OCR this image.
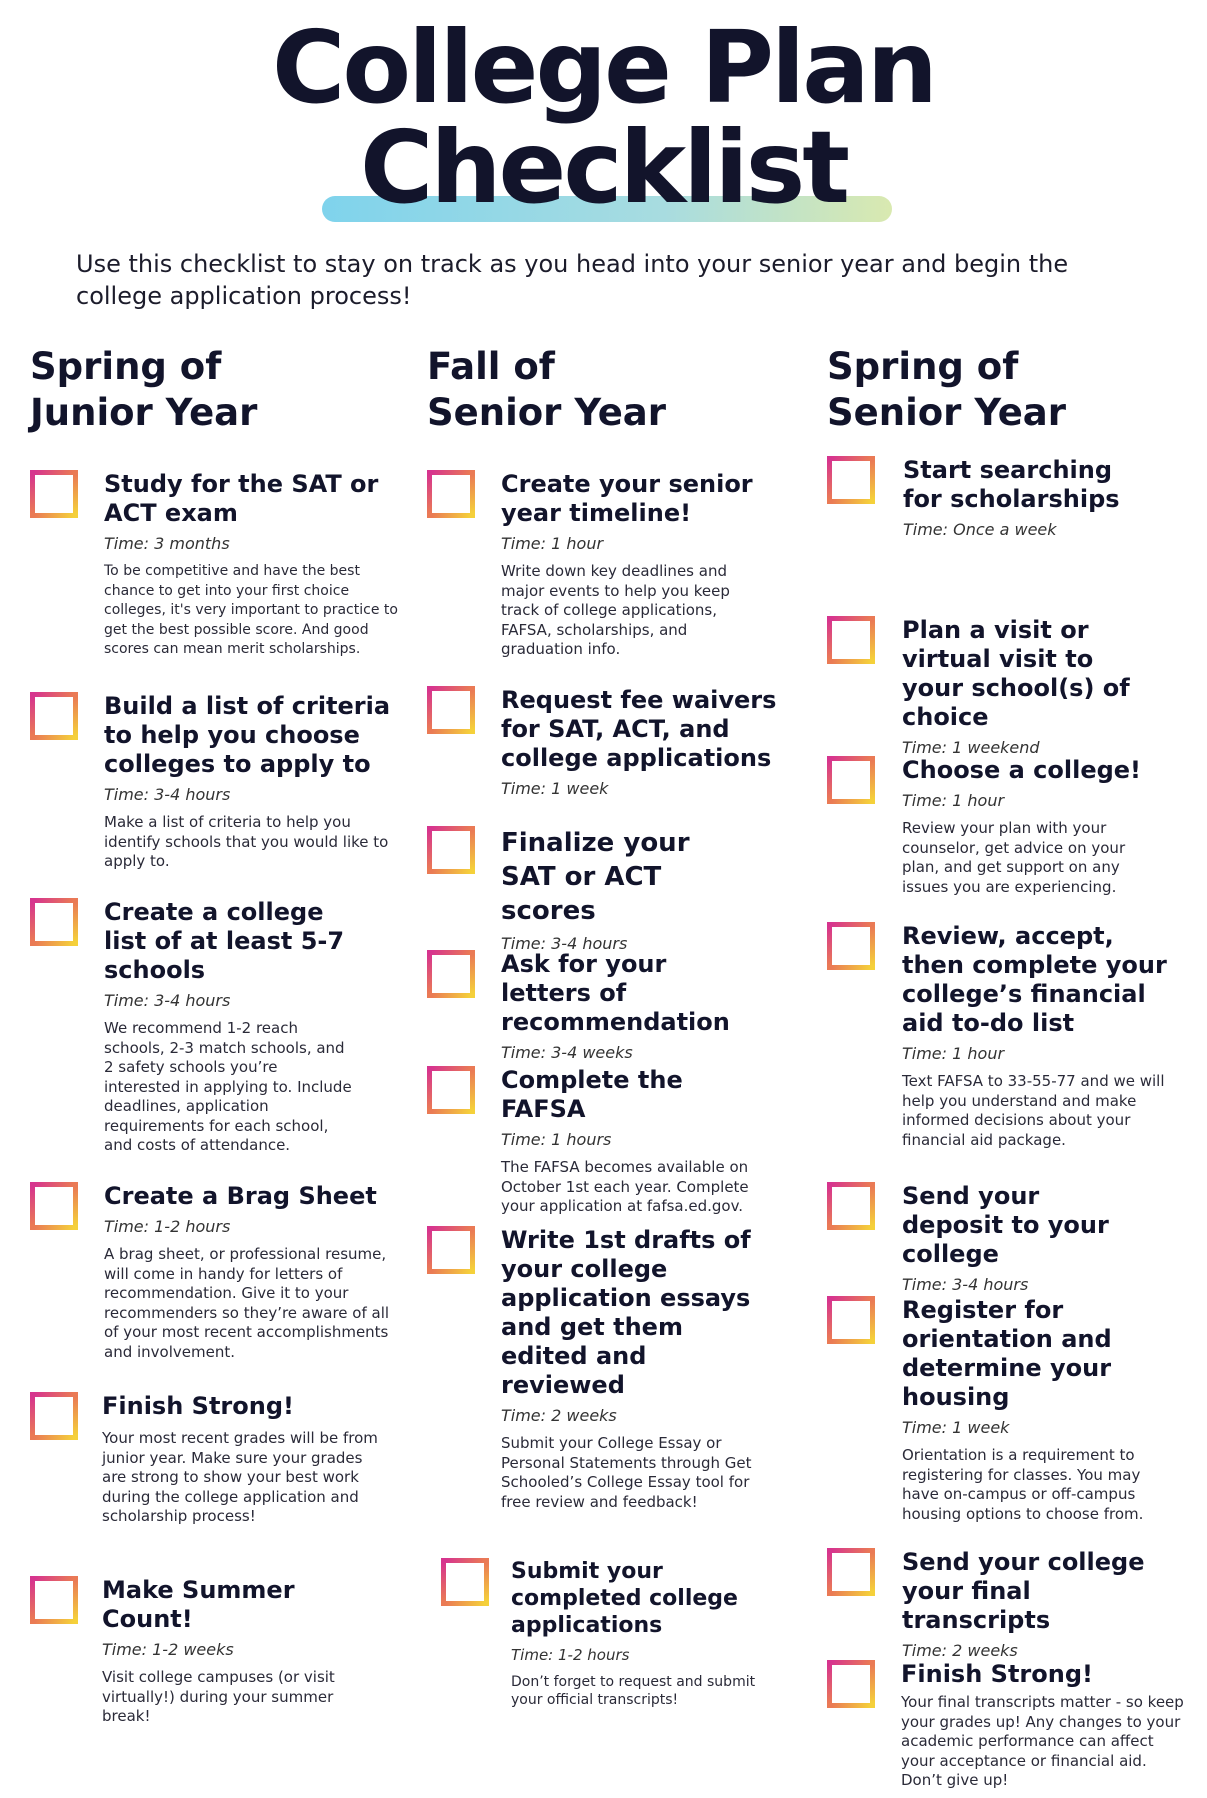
College Plan
Checklist
Use this checklist to stay on track as you head into your senior year and begin the college application process!
Spring of
Junior Year
Fall of
Senior Year
Spring of
Senior Year
Study for the SAT or ACT exam
Time: 3 months
To be competitive and have the best chance to get into your first choice colleges, it's very important to practice to get the best possible score. And good scores can mean merit scholarships.
Build a list of criteria to help you choose colleges to apply to
Time: 3-4 hours
Make a list of criteria to help you identify schools that you would like to apply to.
Create a college list of at least 5-7 schools
Time: 3-4 hours
We recommend 1-2 reach schools, 2-3 match schools, and 2 safety schools you’re interested in applying to. Include deadlines, application requirements for each school, and costs of attendance.
Create a Brag Sheet
Time: 1-2 hours
A brag sheet, or professional resume, will come in handy for letters of recommendation. Give it to your recommenders so they’re aware of all of your most recent accomplishments and involvement.
Finish Strong!
Your most recent grades will be from junior year. Make sure your grades are strong to show your best work during the college application and scholarship process!
Make Summer Count!
Time: 1-2 weeks
Visit college campuses (or visit virtually!) during your summer break!
Create your senior year timeline!
Time: 1 hour
Write down key deadlines and major events to help you keep track of college applications, FAFSA, scholarships, and graduation info.
Request fee waivers for SAT, ACT, and college applications
Time: 1 week
Finalize your SAT or ACT scores
Time: 3-4 hours
Ask for your letters of recommendation
Time: 3-4 weeks
Complete the FAFSA
Time: 1 hours
The FAFSA becomes available on October 1st each year. Complete your application at fafsa.ed.gov.
Write 1st drafts of your college application essays and get them edited and reviewed
Time: 2 weeks
Submit your College Essay or Personal Statements through Get Schooled’s College Essay tool for free review and feedback!
Submit your completed college applications
Time: 1-2 hours
Don’t forget to request and submit your official transcripts!
Start searching for scholarships
Time: Once a week
Plan a visit or virtual visit to your school(s) of choice
Time: 1 weekend
Choose a college!
Time: 1 hour
Review your plan with your counselor, get advice on your plan, and get support on any issues you are experiencing.
Review, accept, then complete your college’s financial aid to-do list
Time: 1 hour
Text FAFSA to 33-55-77 and we will help you understand and make informed decisions about your financial aid package.
Send your deposit to your college
Time: 3-4 hours
Register for orientation and determine your housing
Time: 1 week
Orientation is a requirement to registering for classes. You may have on-campus or off-campus housing options to choose from.
Send your college your final transcripts
Time: 2 weeks
Finish Strong!
Your final transcripts matter - so keep your grades up! Any changes to your academic performance can affect your acceptance or financial aid. Don’t give up!
